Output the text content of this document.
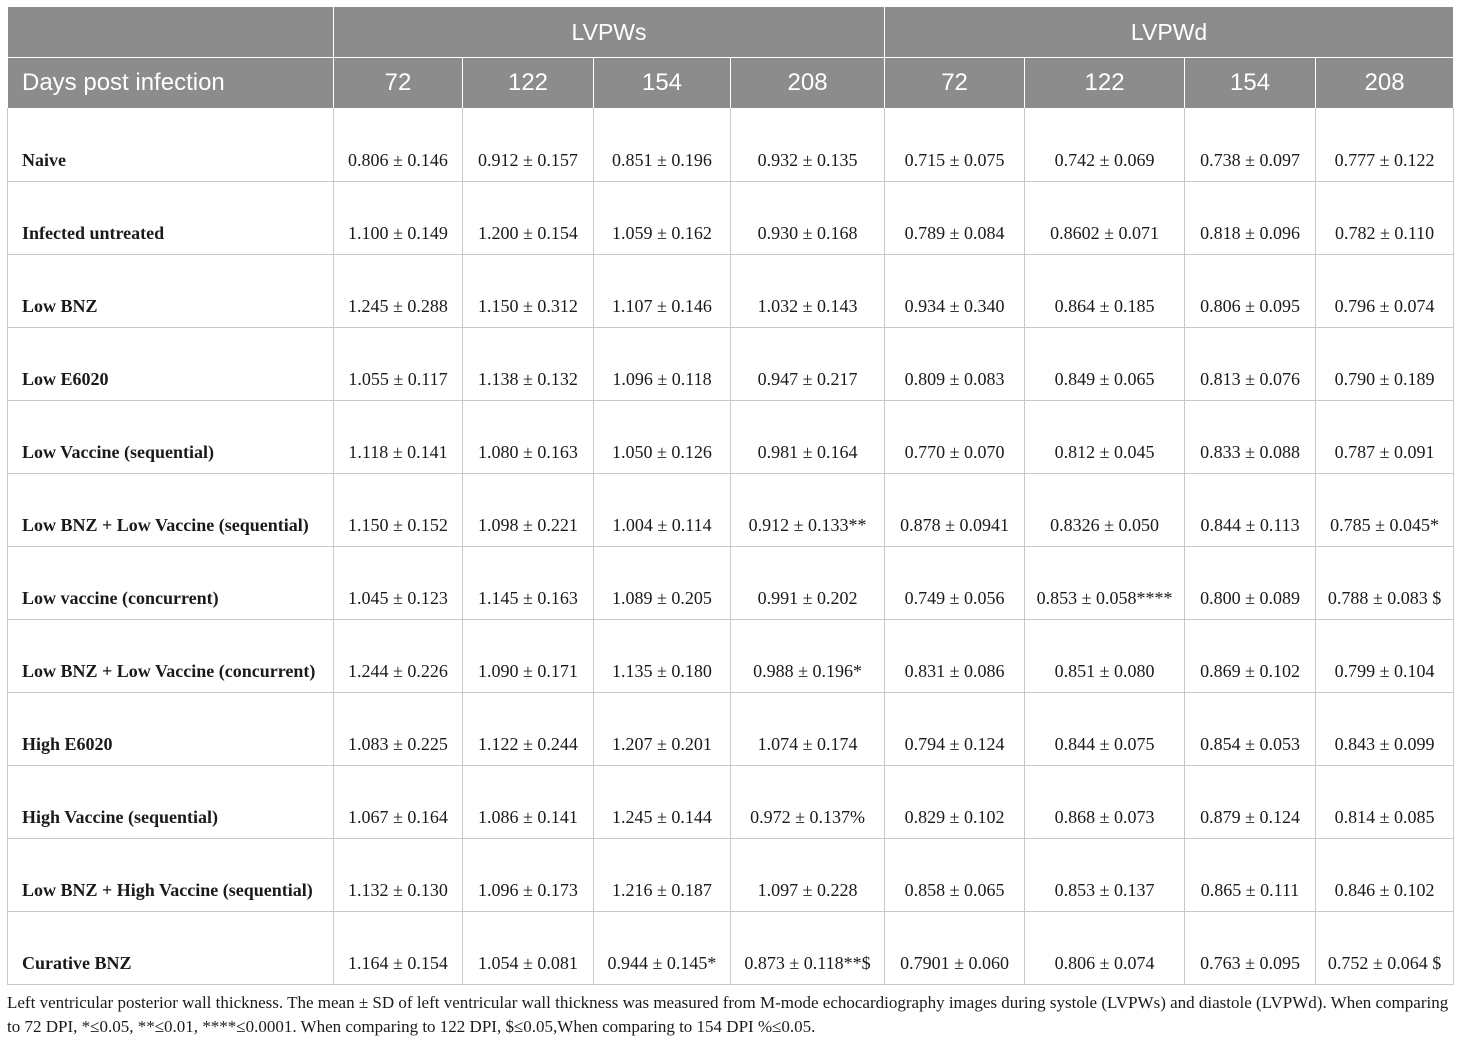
	LVPWs				LVPWd			
Days post infection	72	122	154	208	72	122	154	208
Naive	0.806 ± 0.146	0.912 ± 0.157	0.851 ± 0.196	0.932 ± 0.135	0.715 ± 0.075	0.742 ± 0.069	0.738 ± 0.097	0.777 ± 0.122
Infected untreated	1.100 ± 0.149	1.200 ± 0.154	1.059 ± 0.162	0.930 ± 0.168	0.789 ± 0.084	0.8602 ± 0.071	0.818 ± 0.096	0.782 ± 0.110
Low BNZ	1.245 ± 0.288	1.150 ± 0.312	1.107 ± 0.146	1.032 ± 0.143	0.934 ± 0.340	0.864 ± 0.185	0.806 ± 0.095	0.796 ± 0.074
Low E6020	1.055 ± 0.117	1.138 ± 0.132	1.096 ± 0.118	0.947 ± 0.217	0.809 ± 0.083	0.849 ± 0.065	0.813 ± 0.076	0.790 ± 0.189
Low Vaccine (sequential)	1.118 ± 0.141	1.080 ± 0.163	1.050 ± 0.126	0.981 ± 0.164	0.770 ± 0.070	0.812 ± 0.045	0.833 ± 0.088	0.787 ± 0.091
Low BNZ + Low Vaccine (sequential)	1.150 ± 0.152	1.098 ± 0.221	1.004 ± 0.114	0.912 ± 0.133**	0.878 ± 0.0941	0.8326 ± 0.050	0.844 ± 0.113	0.785 ± 0.045*
Low vaccine (concurrent)	1.045 ± 0.123	1.145 ± 0.163	1.089 ± 0.205	0.991 ± 0.202	0.749 ± 0.056	0.853 ± 0.058****	0.800 ± 0.089	0.788 ± 0.083 $
Low BNZ + Low Vaccine (concurrent)	1.244 ± 0.226	1.090 ± 0.171	1.135 ± 0.180	0.988 ± 0.196*	0.831 ± 0.086	0.851 ± 0.080	0.869 ± 0.102	0.799 ± 0.104
High E6020	1.083 ± 0.225	1.122 ± 0.244	1.207 ± 0.201	1.074 ± 0.174	0.794 ± 0.124	0.844 ± 0.075	0.854 ± 0.053	0.843 ± 0.099
High Vaccine (sequential)	1.067 ± 0.164	1.086 ± 0.141	1.245 ± 0.144	0.972 ± 0.137%	0.829 ± 0.102	0.868 ± 0.073	0.879 ± 0.124	0.814 ± 0.085
Low BNZ + High Vaccine (sequential)	1.132 ± 0.130	1.096 ± 0.173	1.216 ± 0.187	1.097 ± 0.228	0.858 ± 0.065	0.853 ± 0.137	0.865 ± 0.111	0.846 ± 0.102
Curative BNZ	1.164 ± 0.154	1.054 ± 0.081	0.944 ± 0.145*	0.873 ± 0.118**$	0.7901 ± 0.060	0.806 ± 0.074	0.763 ± 0.095	0.752 ± 0.064 $
Left ventricular posterior wall thickness. The mean ± SD of left ventricular wall thickness was measured from M-mode echocardiography images during systole (LVPWs) and diastole (LVPWd). When comparing to 72 DPI, *≤0.05, **≤0.01, ****≤0.0001. When comparing to 122 DPI, $≤0.05,When comparing to 154 DPI %≤0.05.
